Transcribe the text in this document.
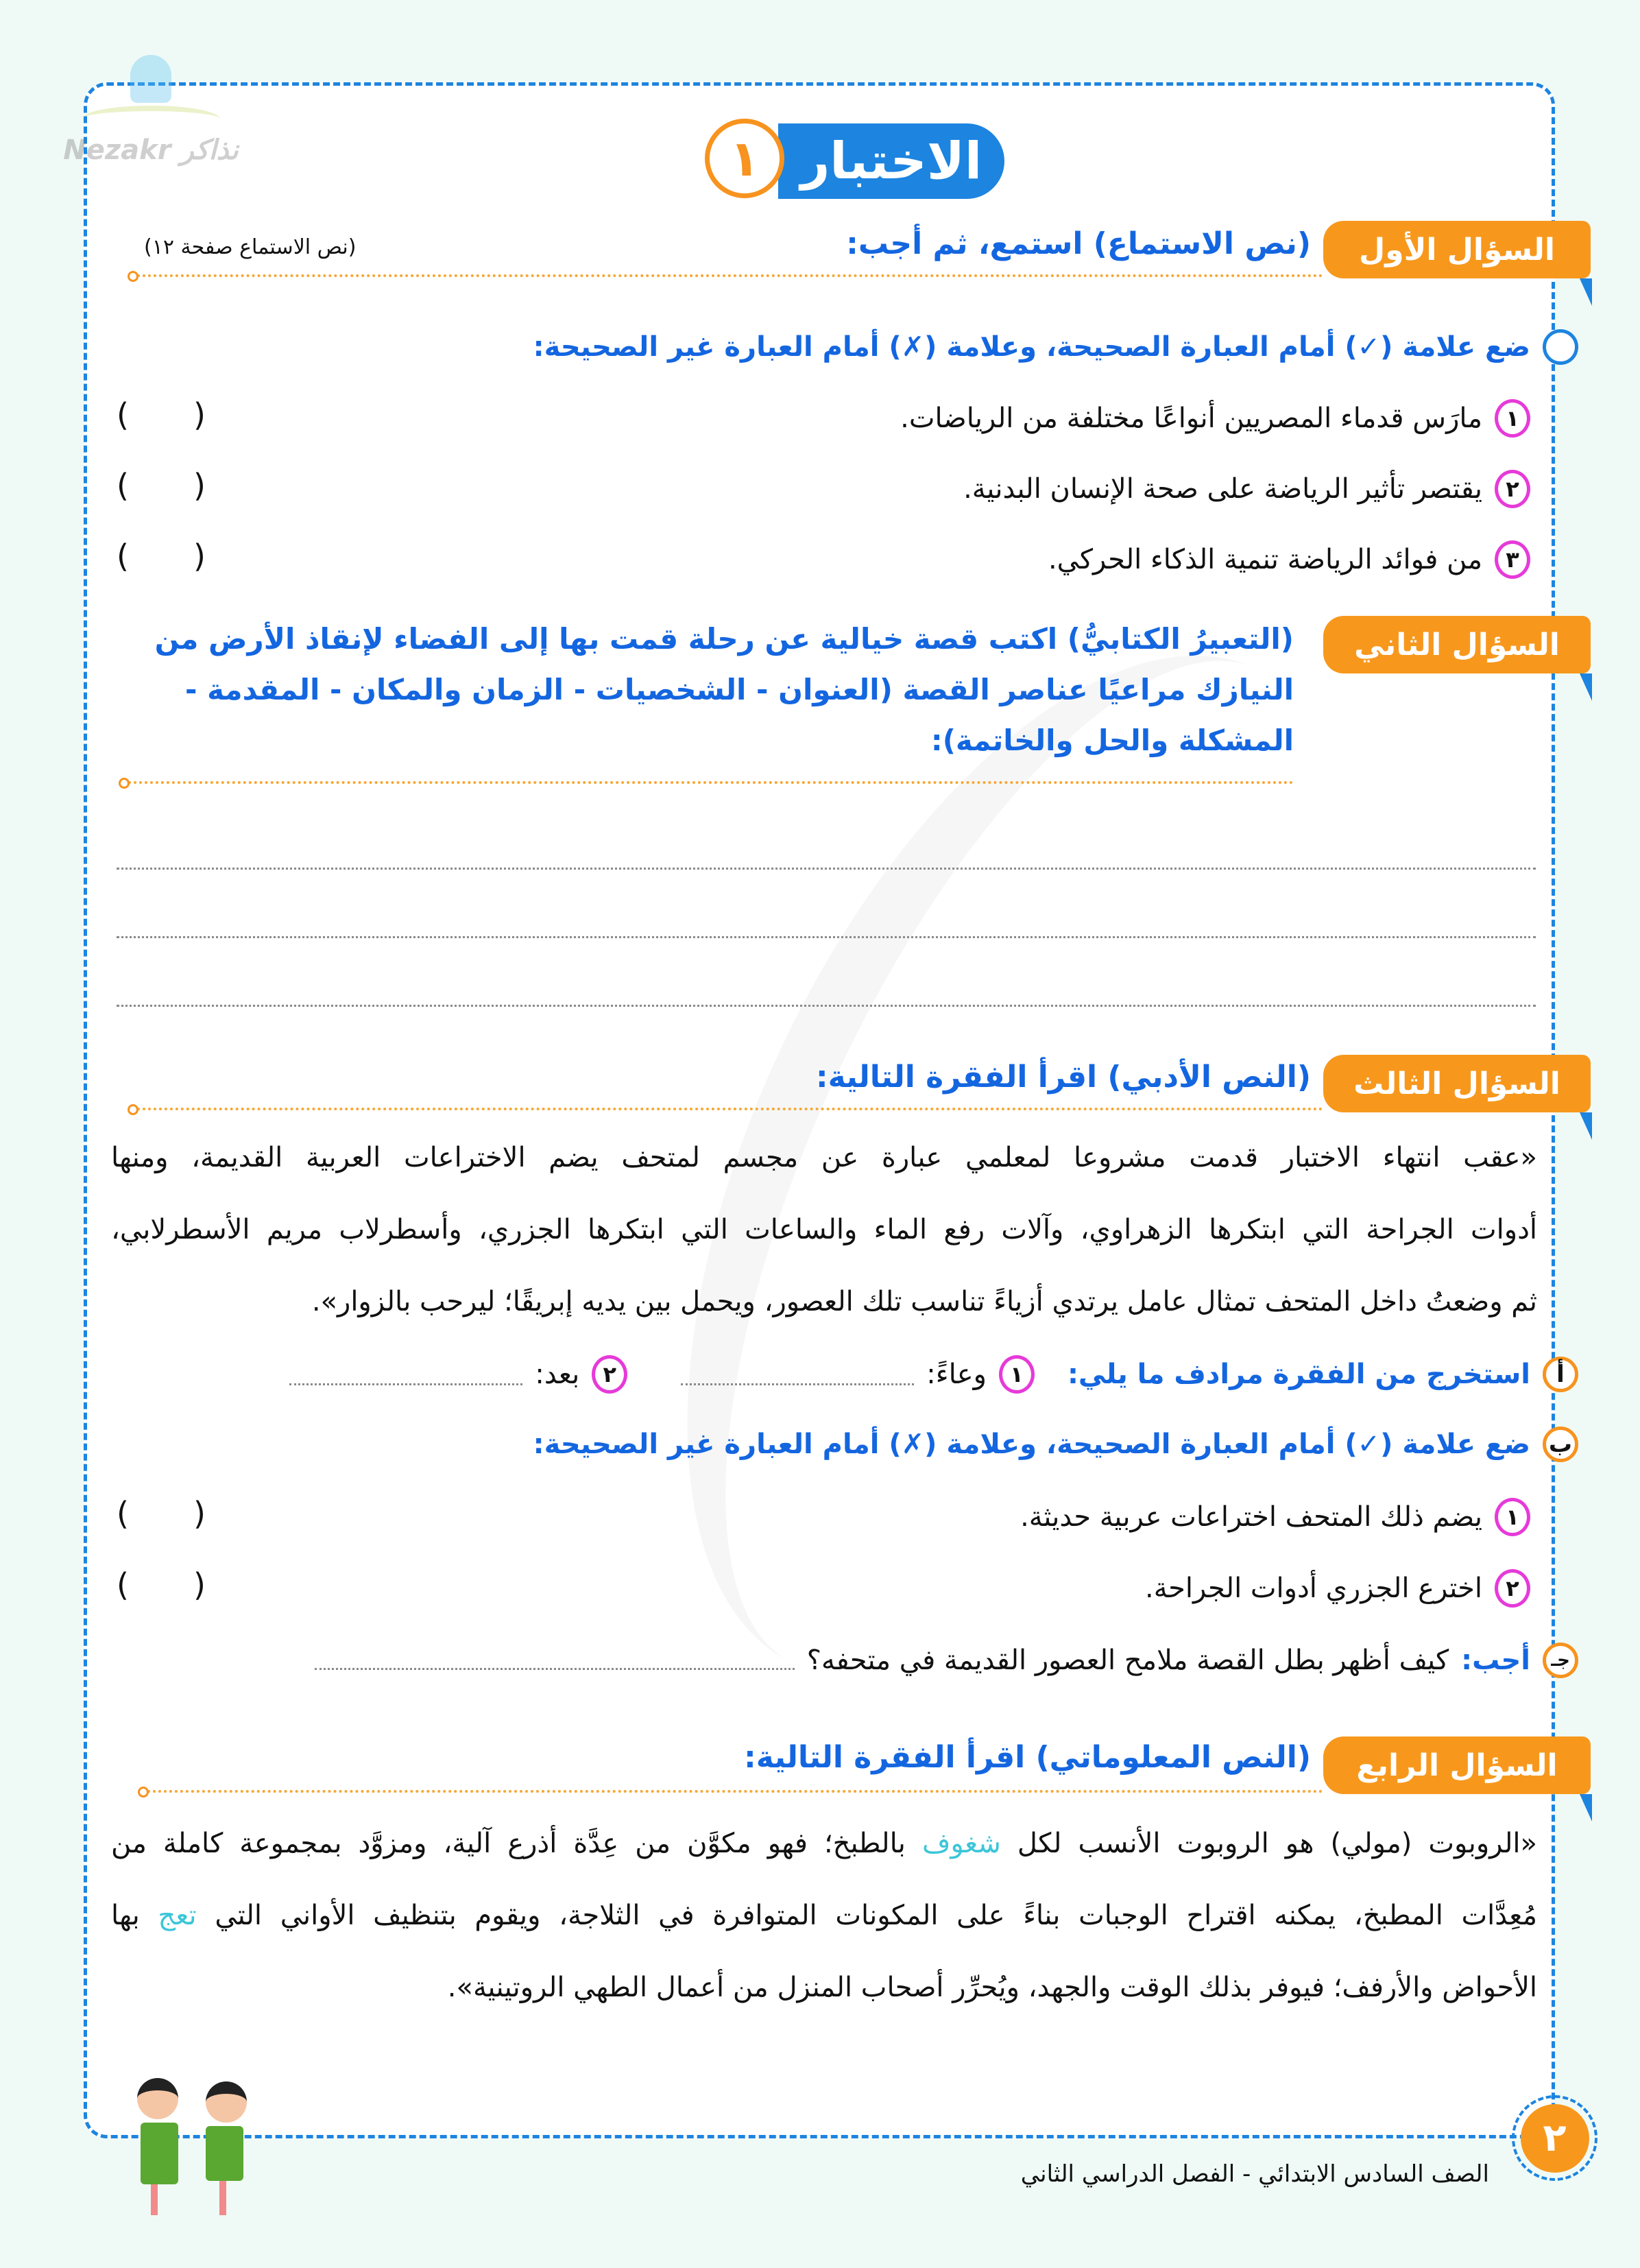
Nezakr نذاكر	الاختبار
١
السؤال الأول
(نص الاستماع) استمع، ثم أجب:
(نص الاستماع صفحة ١٢)
ضع علامة (✓) أمام العبارة الصحيحة، وعلامة (✗) أمام العبارة غير الصحيحة:
١
مارَس قدماء المصريين أنواعًا مختلفة من الرياضات.
( )
٢
يقتصر تأثير الرياضة على صحة الإنسان البدنية.
( )
٣
من فوائد الرياضة تنمية الذكاء الحركي.
( )
السؤال الثاني
(التعبيرُ الكتابيُّ) اكتب قصة خيالية عن رحلة قمت بها إلى الفضاء لإنقاذ الأرض من
النيازك مراعيًا عناصر القصة (العنوان - الشخصيات - الزمان والمكان - المقدمة -
المشكلة والحل والخاتمة):
السؤال الثالث
(النص الأدبي) اقرأ الفقرة التالية:
«عقب انتهاء الاختبار قدمت مشروعا لمعلمي عبارة عن مجسم لمتحف يضم الاختراعات العربية القديمة، ومنها
أدوات الجراحة التي ابتكرها الزهراوي، وآلات رفع الماء والساعات التي ابتكرها الجزري، وأسطرلاب مريم الأسطرلابي،
ثم وضعتُ داخل المتحف تمثال عامل يرتدي أزياءً تناسب تلك العصور، ويحمل بين يديه إبريقًا؛ ليرحب بالزوار».
أ
استخرج من الفقرة مرادف ما يلي:
١
وعاءً:
٢
بعد:
ب
ضع علامة (✓) أمام العبارة الصحيحة، وعلامة (✗) أمام العبارة غير الصحيحة:
١
يضم ذلك المتحف اختراعات عربية حديثة.
( )
٢
اخترع الجزري أدوات الجراحة.
( )
جـ
أجب:
كيف أظهر بطل القصة ملامح العصور القديمة في متحفه؟
السؤال الرابع
(النص المعلوماتي) اقرأ الفقرة التالية:
«الروبوت (مولي) هو الروبوت الأنسب لكل شغوف بالطبخ؛ فهو مكوَّن من عِدَّة أذرع آلية، ومزوَّد بمجموعة كاملة من
مُعِدَّات المطبخ، يمكنه اقتراح الوجبات بناءً على المكونات المتوافرة في الثلاجة، ويقوم بتنظيف الأواني التي تعج بها
الأحواض والأرفف؛ فيوفر بذلك الوقت والجهد، ويُحرِّر أصحاب المنزل من أعمال الطهي الروتينية».
٢
الصف السادس الابتدائي - الفصل الدراسي الثاني
